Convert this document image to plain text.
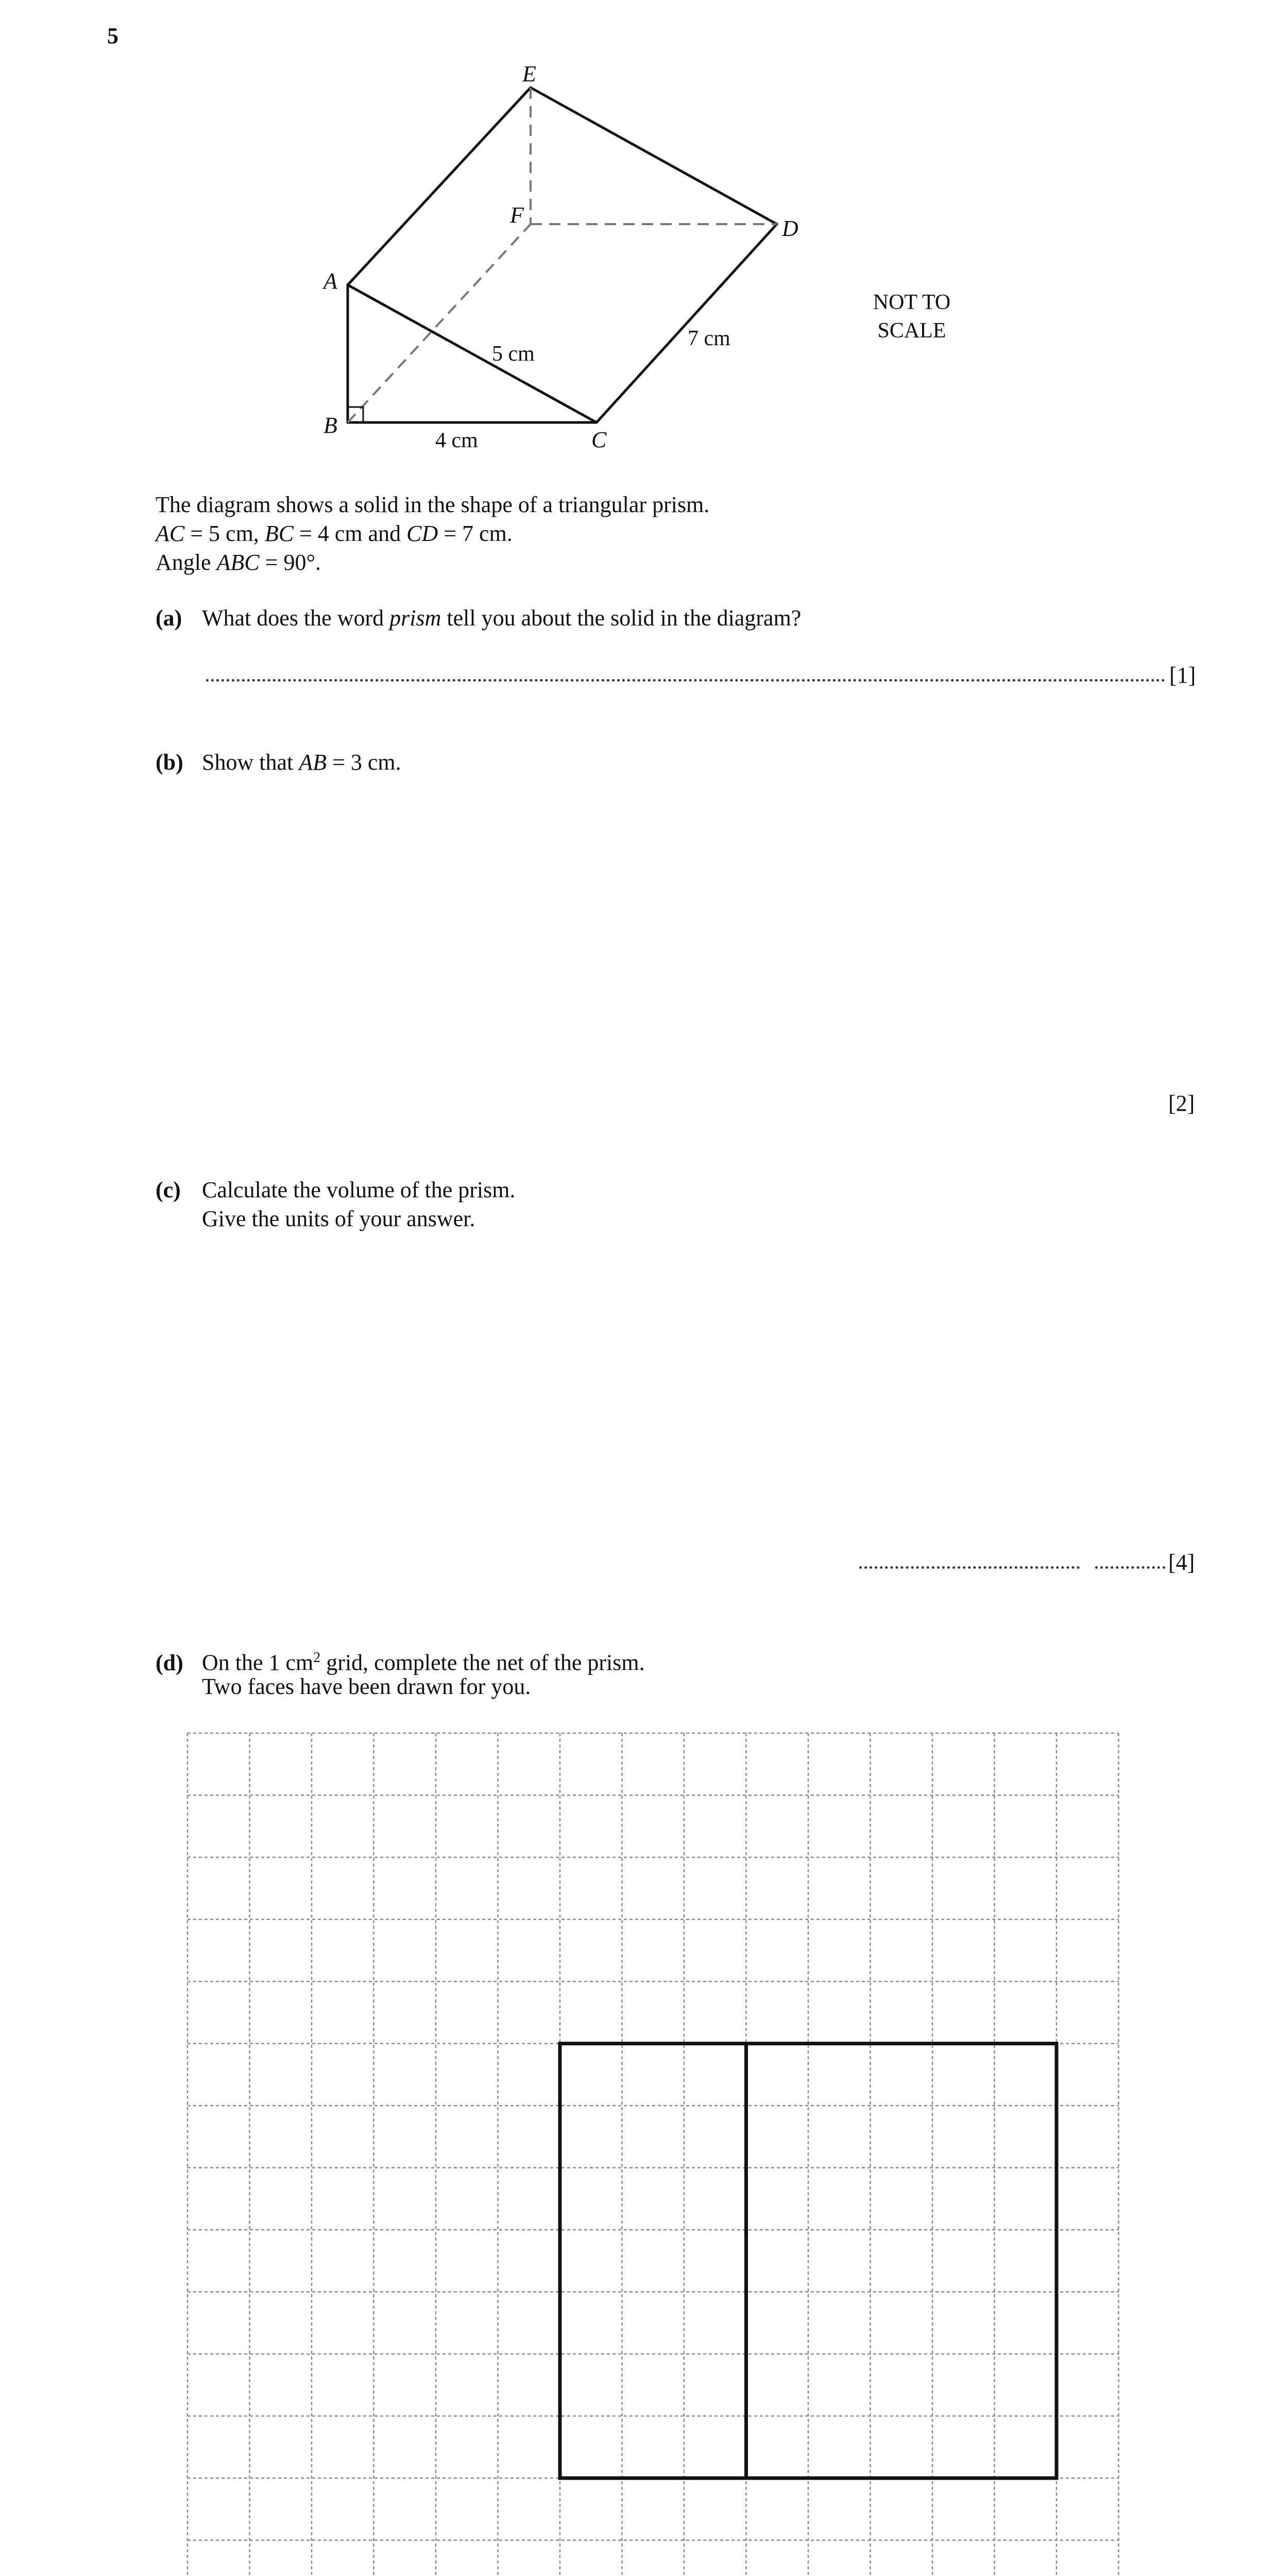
5
E
F
D
A
B
C
5 cm
4 cm
7 cm
NOT TO
SCALE
The diagram shows a solid in the shape of a triangular prism.
AC = 5 cm, BC = 4 cm and CD = 7 cm.
Angle ABC = 90°.
(a) What does the word prism tell you about the solid in the diagram?
[1]
(b) Show that AB = 3 cm.
[2]
(c) Calculate the volume of the prism.
Give the units of your answer.
[4]
(d) On the 1 $cm^2$ grid, complete the net of the prism.
Two faces have been drawn for you.
